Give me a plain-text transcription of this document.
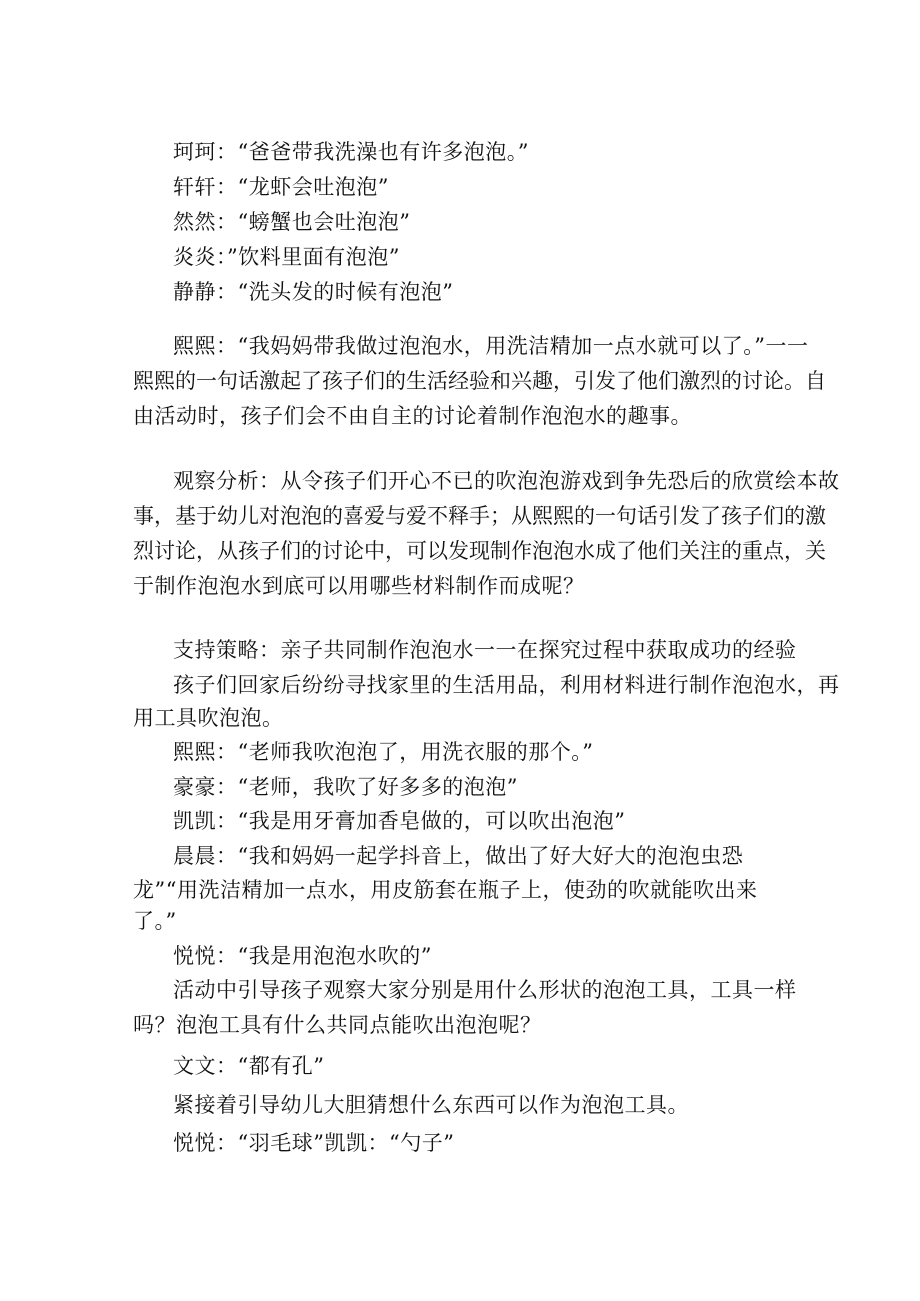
珂珂：“爸爸带我洗澡也有许多泡泡。”
轩轩：“龙虾会吐泡泡”
然然：“螃蟹也会吐泡泡”
炎炎：”饮料里面有泡泡”
静静：“洗头发的时候有泡泡”
熙熙：“我妈妈带我做过泡泡水，用洗洁精加一点水就可以了。”一一
熙熙的一句话激起了孩子们的生活经验和兴趣，引发了他们激烈的讨论。自
由活动时，孩子们会不由自主的讨论着制作泡泡水的趣事。
观察分析：从令孩子们开心不已的吹泡泡游戏到争先恐后的欣赏绘本故
事，基于幼儿对泡泡的喜爱与爱不释手；从熙熙的一句话引发了孩子们的激
烈讨论，从孩子们的讨论中，可以发现制作泡泡水成了他们关注的重点，关
于制作泡泡水到底可以用哪些材料制作而成呢？
支持策略：亲子共同制作泡泡水一一在探究过程中获取成功的经验
孩子们回家后纷纷寻找家里的生活用品，利用材料进行制作泡泡水，再
用工具吹泡泡。
熙熙：“老师我吹泡泡了，用洗衣服的那个。”
豪豪：“老师，我吹了好多多的泡泡”
凯凯：“我是用牙膏加香皂做的，可以吹出泡泡”
晨晨：“我和妈妈一起学抖音上，做出了好大好大的泡泡虫恐
龙”“用洗洁精加一点水，用皮筋套在瓶子上，使劲的吹就能吹出来
了。”
悦悦：“我是用泡泡水吹的”
活动中引导孩子观察大家分别是用什么形状的泡泡工具，工具一样
吗？泡泡工具有什么共同点能吹出泡泡呢？
文文：“都有孔”
紧接着引导幼儿大胆猜想什么东西可以作为泡泡工具。
悦悦：“羽毛球”凯凯：“勺子”
